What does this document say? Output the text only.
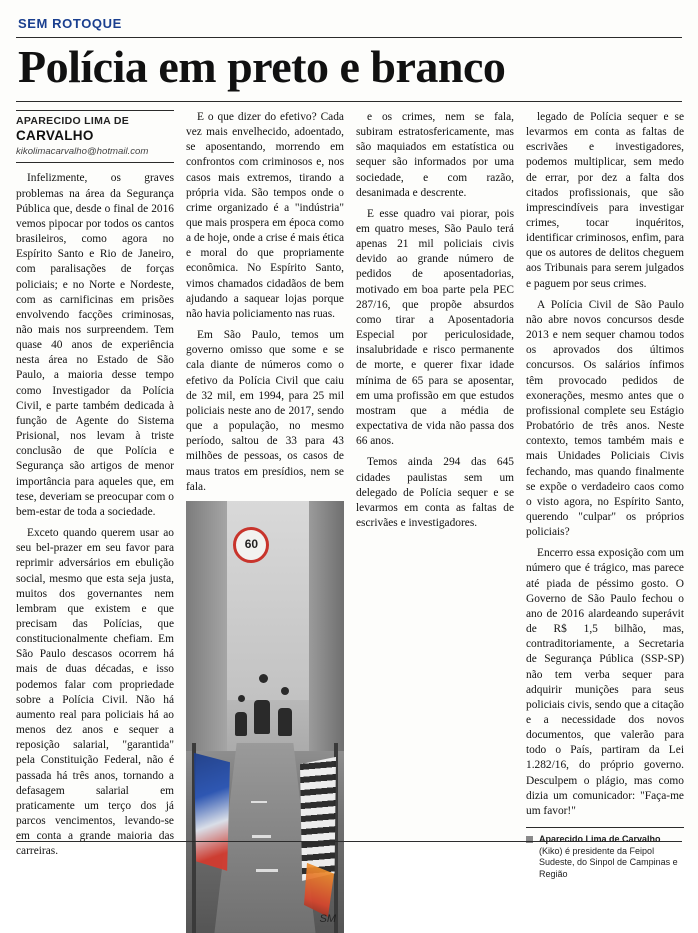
SEM ROTOQUE
Polícia em preto e branco
APARECIDO LIMA DE
CARVALHO
kikolimacarvalho@hotmail.com

Infelizmente, os graves problemas na área da Segurança Pública que, desde o final de 2016 vemos pipocar por todos os cantos brasileiros, como agora no Espírito Santo e Rio de Janeiro, com paralisações de forças policiais; e no Norte e Nordeste, com as carnificinas em prisões envolvendo facções criminosas, não mais nos surpreendem. Tem quase 40 anos de experiência nesta área no Estado de São Paulo, a maioria desse tempo como Investigador da Polícia Civil, e parte também dedicada à função de Agente do Sistema Prisional, nos levam à triste conclusão de que Polícia e Segurança são artigos de menor importância para aqueles que, em tese, deveriam se preocupar com o bem-estar de toda a sociedade.

Exceto quando querem usar ao seu bel-prazer em seu favor para reprimir adversários em ebulição social, mesmo que esta seja justa, muitos dos governantes nem lembram que existem e que precisam das Polícias, que constitucionalmente chefiam. Em São Paulo descasos ocorrem há mais de duas décadas, e isso podemos falar com propriedade sobre a Polícia Civil. Não há aumento real para policiais há ao menos dez anos e sequer a reposição salarial, "garantida" pela Constituição Federal, não é passada há três anos, tornando a defasagem salarial em praticamente um terço dos já parcos vencimentos, levando-se em conta a grande maioria das carreiras.

E o que dizer do efetivo? Cada vez mais envelhecido, adoentado, se aposentando, morrendo em confrontos com criminosos e, nos casos mais extremos, tirando a própria vida. São tempos onde o crime organizado é a "indústria" que mais prospera em época como a de hoje, onde a crise é mais ética e moral do que propriamente econômica. No Espírito Santo, vimos chamados cidadãos de bem ajudando a saquear lojas porque não havia policiamento nas ruas.

Em São Paulo, temos um governo omisso que some e se cala diante de números como o efetivo da Polícia Civil que caiu de 32 mil, em 1994, para 25 mil policiais neste ano de 2017, sendo que a população, no mesmo período, saltou de 33 para 43 milhões de pessoas, os casos de maus tratos em presídios, nem se fala.

60
SM

e os crimes, nem se fala, subiram estratosfericamente, mas são maquiados em estatística ou sequer são informados por uma sociedade, e com razão, desanimada e descrente.

E esse quadro vai piorar, pois em quatro meses, São Paulo terá apenas 21 mil policiais civis devido ao grande número de pedidos de aposentadorias, motivado em boa parte pela PEC 287/16, que propõe absurdos como tirar a Aposentadoria Especial por periculosidade, insalubridade e risco permanente de morte, e querer fixar idade mínima de 65 para se aposentar, em uma profissão em que estudos mostram que a média de expectativa de vida não passa dos 66 anos.

Temos ainda 294 das 645 cidades paulistas sem um delegado de Polícia sequer e se levarmos em conta as faltas de escrivães e investigadores.

legado de Polícia sequer e se levarmos em conta as faltas de escrivães e investigadores, podemos multiplicar, sem medo de errar, por dez a falta dos citados profissionais, que são imprescindíveis para investigar crimes, tocar inquéritos, identificar criminosos, enfim, para que os autores de delitos cheguem aos Tribunais para serem julgados e paguem por seus crimes.

A Polícia Civil de São Paulo não abre novos concursos desde 2013 e nem sequer chamou todos os aprovados dos últimos concursos. Os salários ínfimos têm provocado pedidos de exonerações, mesmo antes que o profissional complete seu Estágio Probatório de três anos. Neste contexto, temos também mais e mais Unidades Policiais Civis fechando, mas quando finalmente se expõe o verdadeiro caos como o visto agora, no Espírito Santo, querendo "culpar" os próprios policiais?

Encerro essa exposição com um número que é trágico, mas parece até piada de péssimo gosto. O Governo de São Paulo fechou o ano de 2016 alardeando superávit de R$ 1,5 bilhão, mas, contraditoriamente, a Secretaria de Segurança Pública (SSP-SP) não tem verba sequer para adquirir munições para seus policiais civis, sendo que a citação e a necessidade dos novos documentos, que valerão para todo o País, partiram da Lei 1.282/16, do próprio governo. Desculpem o plágio, mas como dizia um comunicador: "Faça-me um favor!"

Aparecido Lima de Carvalho (Kiko) é presidente da Feipol Sudeste, do Sinpol de Campinas e Região
